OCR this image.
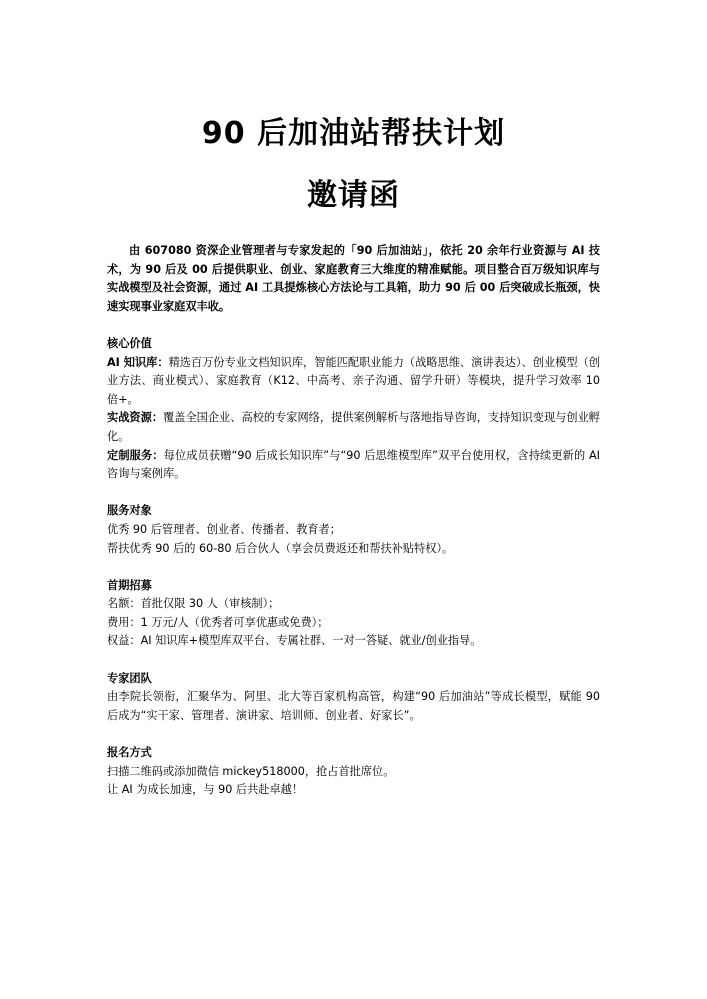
90 后加油站帮扶计划
邀请函

由 607080 资深企业管理者与专家发起的「90 后加油站」，依托 20 余年行业资源与 AI 技术，为 90 后及 00 后提供职业、创业、家庭教育三大维度的精准赋能。项目整合百万级知识库与实战模型及社会资源，通过 AI 工具提炼核心方法论与工具箱，助力 90 后 00 后突破成长瓶颈，快速实现事业家庭双丰收。

核心价值

AI 知识库：精选百万份专业文档知识库，智能匹配职业能力（战略思维、演讲表达）、创业模型（创业方法、商业模式）、家庭教育（K12、中高考、亲子沟通、留学升研）等模块，提升学习效率 10 倍+。

实战资源：覆盖全国企业、高校的专家网络，提供案例解析与落地指导咨询，支持知识变现与创业孵化。

定制服务：每位成员获赠“90 后成长知识库”与“90 后思维模型库”双平台使用权，含持续更新的 AI 咨询与案例库。

服务对象

优秀 90 后管理者、创业者、传播者、教育者；

帮扶优秀 90 后的 60-80 后合伙人（享会员费返还和帮扶补贴特权）。

首期招募

名额：首批仅限 30 人（审核制）；

费用：1 万元/人（优秀者可享优惠或免费）；

权益：AI 知识库+模型库双平台、专属社群、一对一答疑、就业/创业指导。

专家团队

由李院长领衔，汇聚华为、阿里、北大等百家机构高管，构建“90 后加油站”等成长模型，赋能 90 后成为“实干家、管理者、演讲家、培训师、创业者、好家长”。

报名方式

扫描二维码或添加微信 mickey518000，抢占首批席位。

让 AI 为成长加速，与 90 后共赴卓越！
